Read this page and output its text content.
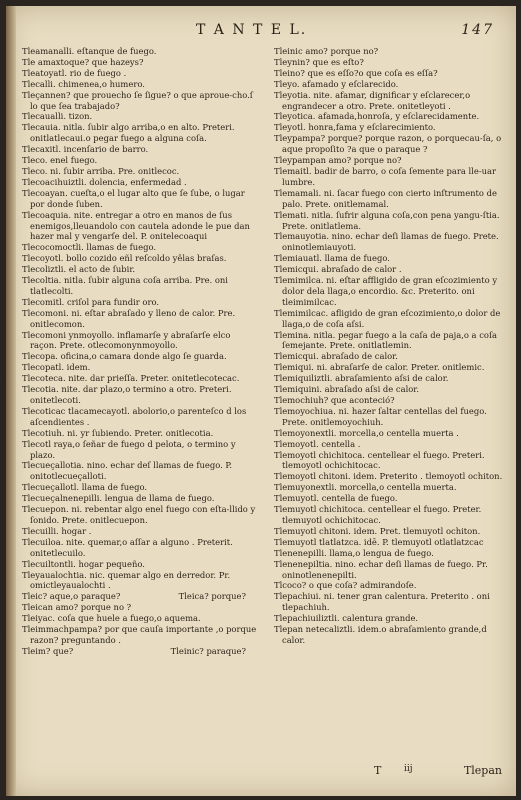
T A N T E L.	147

Tleamanalli. eſtanque de fuego.

Tle amaxtoque? que hazeys?

Tleatoyatl. rio de fuego .

Tlecalli. chimenea,o humero.

Tleçannen? que prouecho ſe ſigue? o que aproue-cho.ſ lo que ſea trabajado?

Tlecaualli. tizon.

Tlecauia. nitla. ſubir algo arriba,o en alto. Preteri. onitlatlecaui.o pegar fuego a alguna coſa.

Tlecaxitl. incenſario de barro.

Tleco. enel fuego.

Tleco. ni. ſubir arriba. Pre. onitlecoc.

Tlecoacihuiztli. dolencia, enfermedad .

Tlecoayan. cueſta,o el lugar alto que ſe ſube, o lugar por donde ſuben.

Tlecoaquia. nite. entregar a otro en manos de ſus enemigos,lleuandolo con cautela adonde le pue dan hazer mal y vengarſe del. P. onitelecoaqui

Tlecocomoctli. llamas de fuego.

Tlecoyotl. bollo cozido eñl reſcoldo yêlas braſas.

Tlecoliztli. el acto de ſubir.

Tlecoltia. nitla. ſubir alguna coſa arriba. Pre. oni tlatlecolti.

Tlecomitl. criſol para fundir oro.

Tlecomoni. ni. eſtar abraſado y lleno de calor. Pre. onitlecomon.

Tlecomoni ynmoyollo. inflamarſe y abraſarſe elco raçon. Prete. otlecomonynmoyollo.

Tlecopa. oficina,o camara donde algo ſe guarda.

Tlecopatl. idem.

Tlecoteca. nite. dar prieſſa. Preter. onitetlecotecac.

Tlecotia. nite. dar plazo,o termino a otro. Preteri. onitetlecoti.

Tlecoticac tlacamecayotl. abolorio,o parenteſco d los aſcendientes .

Tlecotiuh. ni. yr ſubiendo. Preter. onitlecotia.

Tlecotl raya,o ſeñar de fuego d pelota, o termino y plazo.

Tlecueçallotia. nino. echar deſ llamas de fuego. P. onitotlecueçalloti.

Tlecueçallotl. llama de fuego.

Tlecueçalnenepilli. lengua de llama de fuego.

Tlecuepon. ni. rebentar algo enel fuego con eſta-llido y ſonido. Prete. onitlecuepon.

Tlecuilli. hogar .

Tlecuiloa. nite. quemar,o aſſar a alguno . Preterit. onitetlecuilo.

Tlecuiltontli. hogar pequeño.

Tleyaualochtia. nic. quemar algo en derredor. Pr. omictleyaualochti .

Tleic? aque,o paraque?	Tleica? porque?

Tleican amo? porque no ?

Tleiyac. coſa que huele a fuego,o aquema.

Tleimmachpampa? por que cauſa importante ,o porque razon? preguntando .

Tleim? que?	Tleinic? paraque?

Tleinic amo? porque no?

Tleynin? que es eſto?

Tleino? que es eſſo?o que coſa es eſſa?

Tleyo. afamado y eſclarecido.

Tleyotia. nite. afamar, dignificar y eſclarecer,o engrandecer a otro. Prete. onitetleyoti .

Tleyotica. afamada,honroſa, y eſclarecidamente.

Tleyotl. honra,fama y eſclarecimiento.

Tleypampa? porque? porque razon, o porquecau-ſa, o aque propoſito ?a que o paraque ?

Tleypampan amo? porque no?

Tlemaitl. badir de barro, o coſa ſemente para lle-uar lumbre.

Tlemamali. ni. ſacar fuego con cierto inſtrumento de palo. Prete. onitlemamal.

Tlemati. nitla. ſufrir alguna coſa,con pena yangu-ſtia. Prete. onitlatlema.

Tlemauyotia. nino. echar deſi llamas de fuego. Prete. oninotlemiauyoti.

Tlemiauatl. llama de fuego.

Tlemicqui. abraſado de calor .

Tlemimilca. ni. eſtar affligido de gran eſcozimiento y dolor dela llaga,o encordio. &c. Preterito. oni tleimimilcac.

Tlemimilcac. afligido de gran eſcozimiento,o dolor de llaga,o de coſa aſsi.

Tlemina. nitla. pegar fuego a la caſa de paja,o a coſa ſemejante. Prete. onitlatlemin.

Tlemicqui. abraſado de calor.

Tlemiqui. ni. abraſarſe de calor. Preter. onitlemic.

Tlemiquiliztli. abraſamiento aſsi de calor.

Tlemiquini. abraſado aſsi de calor.

Tlemochiuh? que aconteció?

Tlemoyochiua. ni. hazer ſaltar centellas del fuego. Prete. onitlemoyochiuh.

Tlemoyonextli. morcella,o centella muerta .

Tlemoyotl. centella .

Tlemoyotl chichitoca. centellear el fuego. Preteri. tlemoyotl ochichitocac.

Tlemoyotl chitoni. idem. Preterito . tlemoyotl ochiton.

Tlemuyonextli. morcella,o centella muerta.

Tlemuyotl. centella de fuego.

Tlemuyotl chichitoca. centellear el fuego. Preter. tlemuyotl ochichitocac.

Tlemuyotl chitoni. idem. Pret. tlemuyotl ochiton.

Tlemuyotl tlatlatzca. idē. P. tlemuyotl otlatlatzcac

Tlenenepilli. llama,o lengua de fuego.

Tlenenepiltia. nino. echar deſi llamas de fuego. Pr. oninotlenenepilti.

Tlcoco? o que coſa? admirandoſe.

Tlepachiui. ni. tener gran calentura. Preterito . oni tlepachiuh.

Tlepachiuiliztli. calentura grande.

Tlepan netecaliztli. idem.o abraſamiento grande,d calor.

T	iij	Tlepan
